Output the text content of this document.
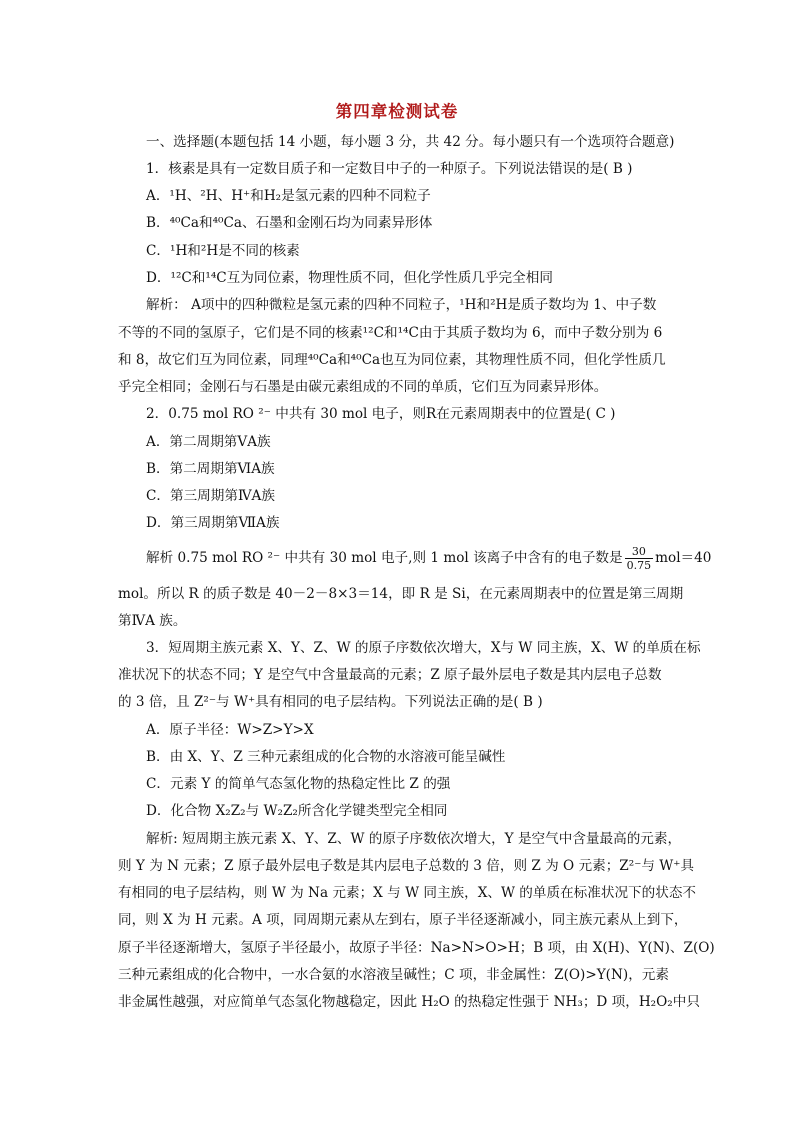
第四章检测试卷
一、选择题(本题包括 14 小题，每小题 3 分，共 42 分。每小题只有一个选项符合题意)
1．核素是具有一定数目质子和一定数目中子的一种原子。下列说法错误的是( B )
A．¹H、²H、H⁺和H₂是氢元素的四种不同粒子
B．⁴⁰Ca和⁴⁰Ca、石墨和金刚石均为同素异形体
C．¹H和²H是不同的核素
D．¹²C和¹⁴C互为同位素，物理性质不同，但化学性质几乎完全相同
解析： A项中的四种微粒是氢元素的四种不同粒子，¹H和²H是质子数均为 1、中子数
不等的不同的氢原子，它们是不同的核素¹²C和¹⁴C由于其质子数均为 6，而中子数分别为 6
和 8，故它们互为同位素，同理⁴⁰Ca和⁴⁰Ca也互为同位素，其物理性质不同，但化学性质几
乎完全相同；金刚石与石墨是由碳元素组成的不同的单质，它们互为同素异形体。
2．0.75 mol RO ²⁻ 中共有 30 mol 电子，则R在元素周期表中的位置是( C )
A．第二周期第ⅤA族
B．第二周期第ⅥA族
C．第三周期第ⅣA族
D．第三周期第ⅦA族
解析 0.75 mol RO ²⁻ 中共有 30 mol 电子,则 1 mol 该离子中含有的电子数是 $\frac{30}{0.75} mol=40$
mol。所以 R 的质子数是 40－2－8×3＝14，即 R 是 Si，在元素周期表中的位置是第三周期
第ⅣA 族。
3．短周期主族元素 X、Y、Z、W 的原子序数依次增大，X与 W 同主族，X、W 的单质在标
准状况下的状态不同；Y 是空气中含量最高的元素；Z 原子最外层电子数是其内层电子总数
的 3 倍，且 Z²⁻与 W⁺具有相同的电子层结构。下列说法正确的是( B )
A．原子半径：W>Z>Y>X
B．由 X、Y、Z 三种元素组成的化合物的水溶液可能呈碱性
C．元素 Y 的简单气态氢化物的热稳定性比 Z 的强
D．化合物 X₂Z₂与 W₂Z₂所含化学键类型完全相同
解析: 短周期主族元素 X、Y、Z、W 的原子序数依次增大，Y 是空气中含量最高的元素，
则 Y 为 N 元素；Z 原子最外层电子数是其内层电子总数的 3 倍，则 Z 为 O 元素；Z²⁻与 W⁺具
有相同的电子层结构，则 W 为 Na 元素；X 与 W 同主族，X、W 的单质在标准状况下的状态不
同，则 X 为 H 元素。A 项，同周期元素从左到右，原子半径逐渐减小，同主族元素从上到下，
原子半径逐渐增大，氢原子半径最小，故原子半径：Na>N>O>H；B 项，由 X(H)、Y(N)、Z(O)
三种元素组成的化合物中，一水合氨的水溶液呈碱性；C 项，非金属性：Z(O)>Y(N)，元素
非金属性越强，对应简单气态氢化物越稳定，因此 H₂O 的热稳定性强于 NH₃；D 项，H₂O₂中只
